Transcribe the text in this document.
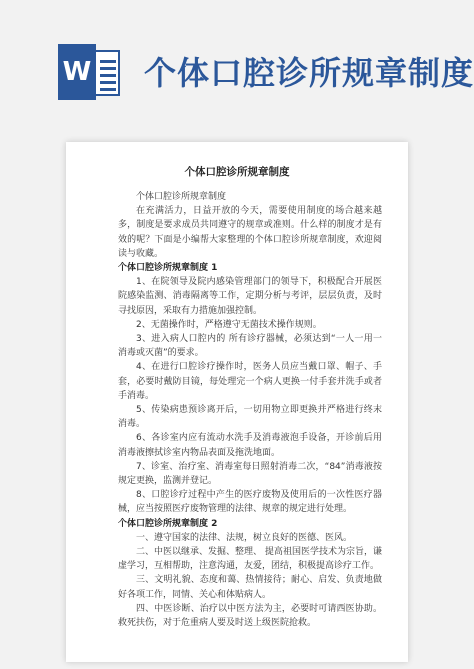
W 个体口腔诊所规章制度
个体口腔诊所规章制度

个体口腔诊所规章制度

在充满活力，日益开放的今天，需要使用制度的场合越来越多，制度是要求成员共同遵守的规章或准则。什么样的制度才是有效的呢？下面是小编帮大家整理的个体口腔诊所规章制度，欢迎阅读与收藏。

个体口腔诊所规章制度 1

1、在院领导及院内感染管理部门的领导下，积极配合开展医院感染监测、消毒隔离等工作，定期分析与考评，层层负责，及时寻找原因，采取有力措施加强控制。

2、无菌操作时，严格遵守无菌技术操作规则。

3、进入病人口腔内的 所有诊疗器械，必须达到“一人一用一消毒或灭菌”的要求。

4、在进行口腔诊疗操作时，医务人员应当戴口罩、帽子、手套，必要时戴防目镜，每处理完一个病人更换一付手套并洗手或者手消毒。

5、传染病患预诊离开后，一切用物立即更换并严格进行终末消毒。

6、各诊室内应有流动水洗手及消毒液泡手设备，开诊前后用消毒液擦拭诊室内物品表面及拖洗地面。

7、诊室、治疗室、消毒室每日照射消毒二次，“84”消毒液按规定更换，监测并登记。

8、口腔诊疗过程中产生的医疗废物及使用后的一次性医疗器械，应当按照医疗废物管理的法律、规章的规定进行处理。

个体口腔诊所规章制度 2

一、遵守国家的法律、法规，树立良好的医德、医风。

二、中医以继承、发掘、整理、 提高祖国医学技术为宗旨，谦虚学习，互相帮助，注意沟通，友爱，团结，积极提高诊疗工作。

三、文明礼貌、态度和蔼、热情接待；耐心、启发、负责地做好各项工作，同情、关心和体贴病人。

四、中医诊断、治疗以中医方法为主，必要时可请西医协助。救死扶伤，对于危重病人要及时送上级医院抢救。
